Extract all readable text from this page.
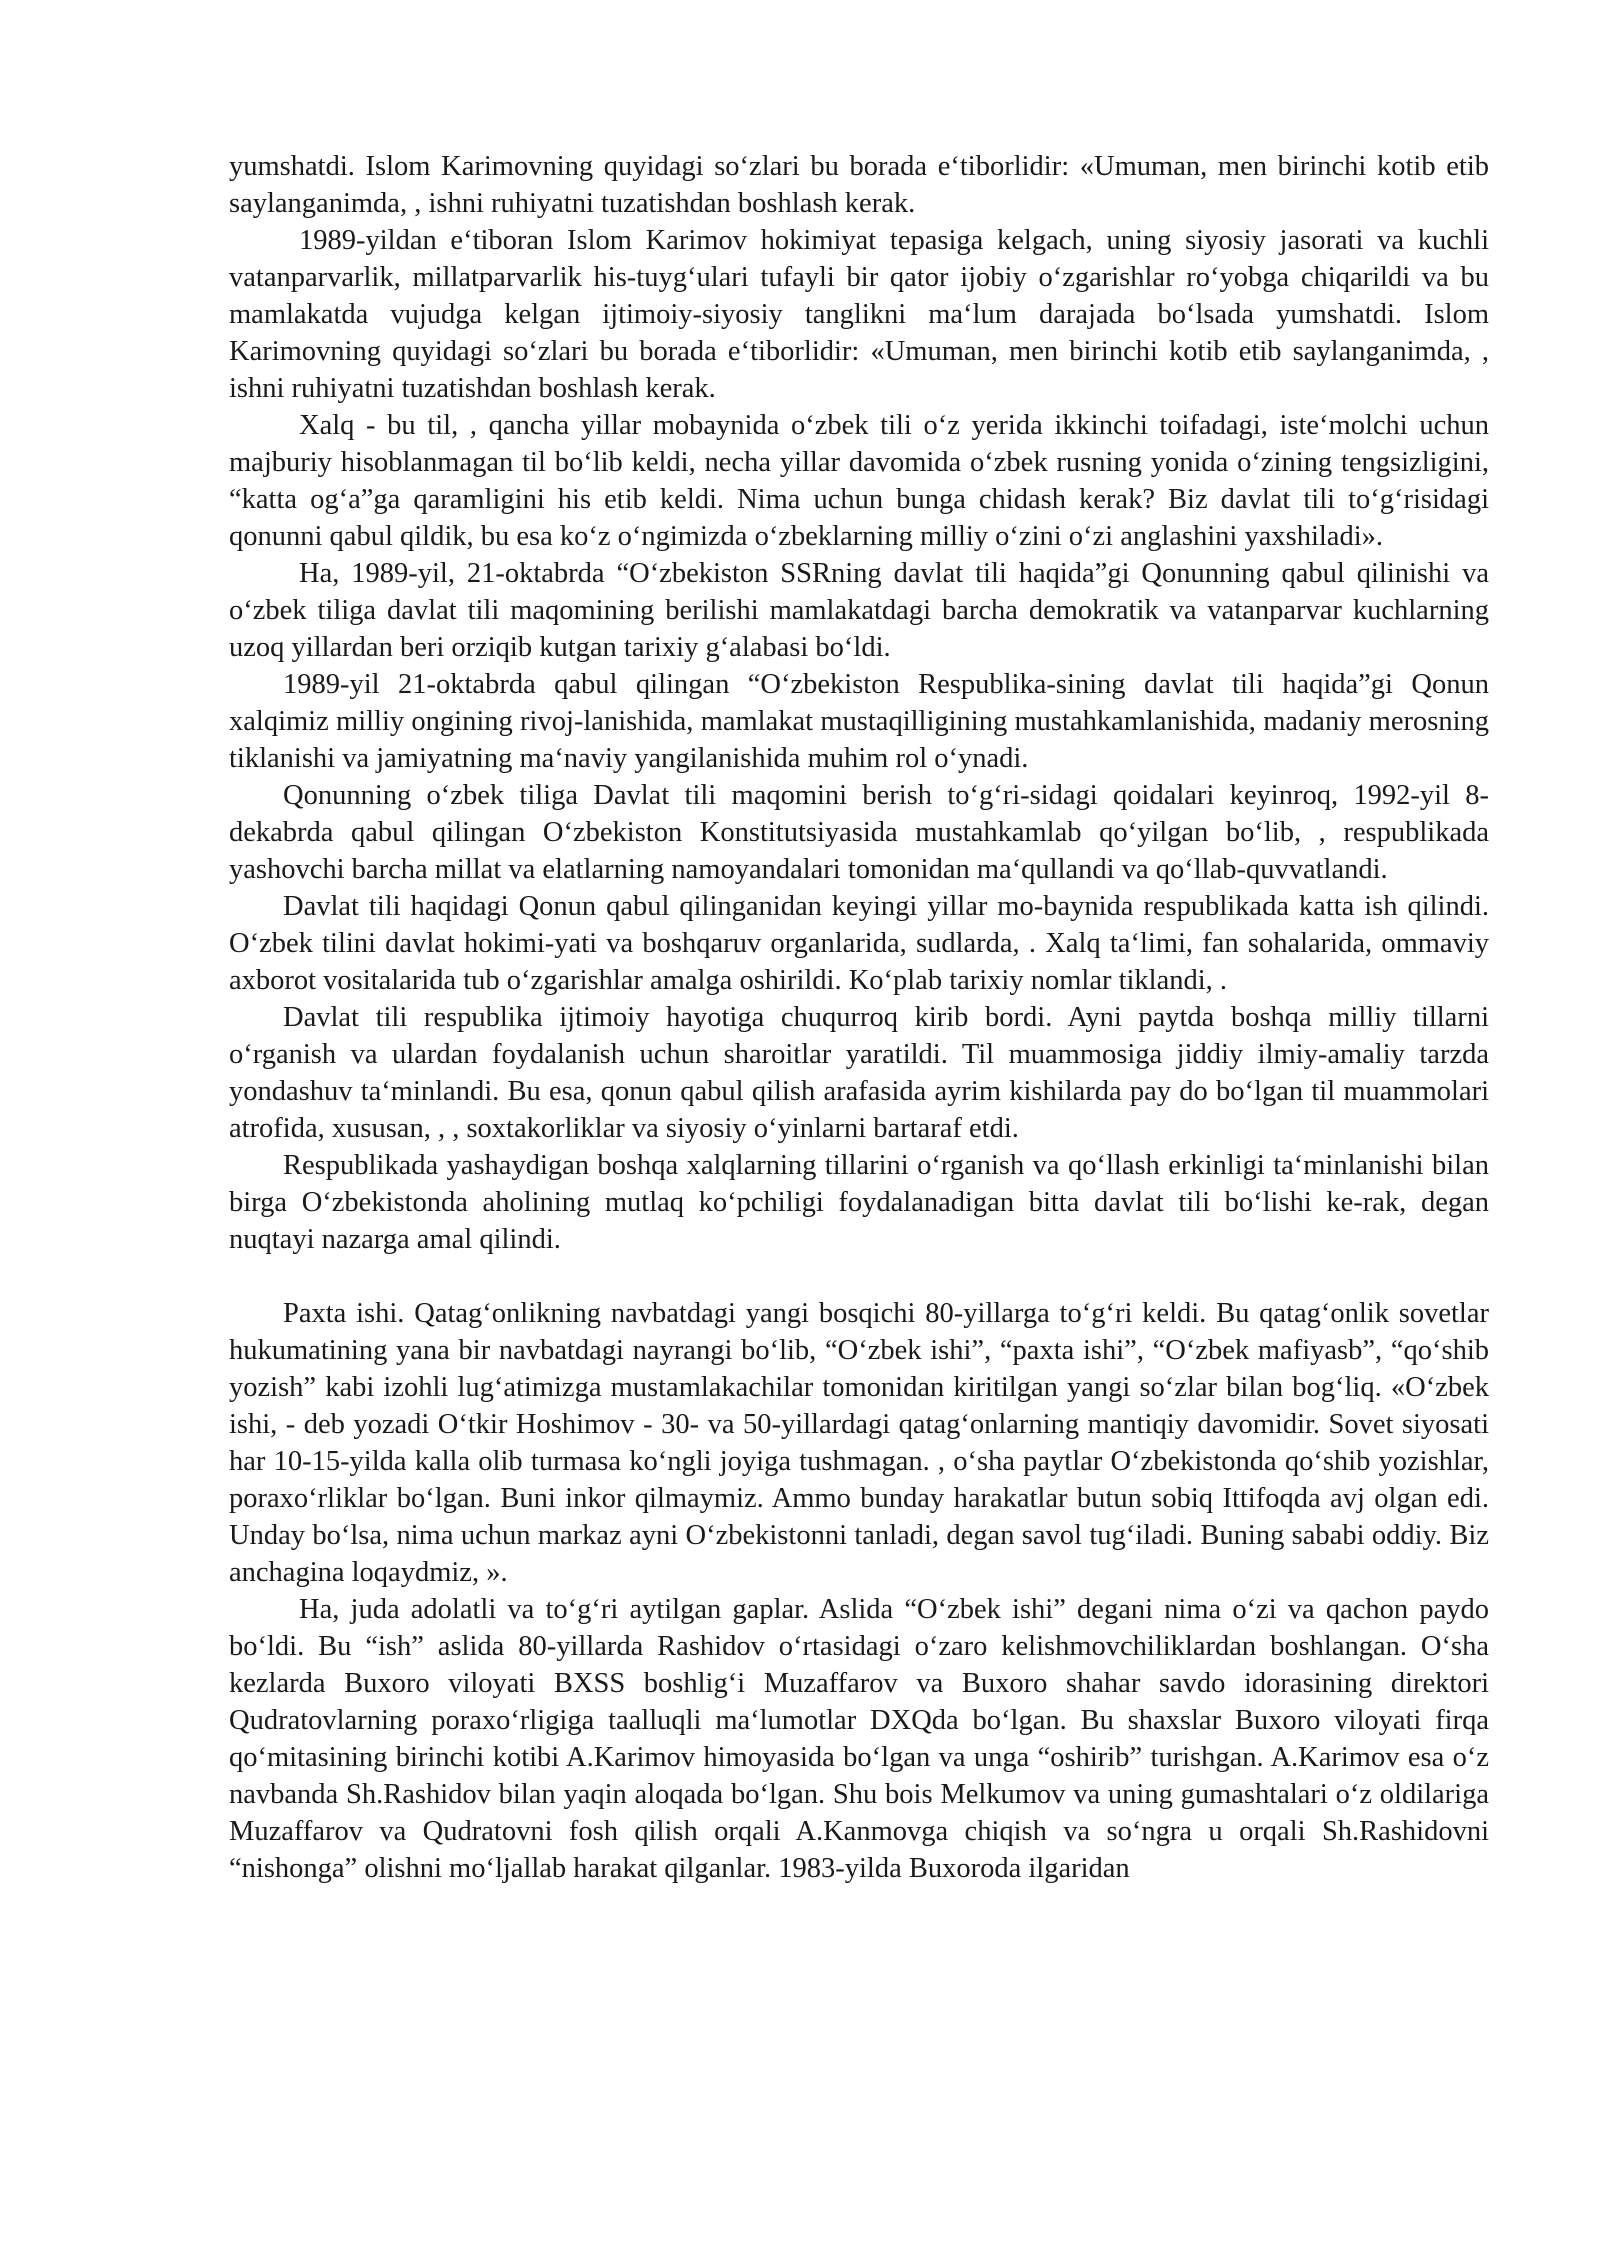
yumshatdi. Islom Karimovning quyidagi so‘zlari bu borada e‘tiborlidir: «Umuman, men birinchi kotib etib saylanganimda, , ishni ruhiyatni tuzatishdan boshlash kerak.

1989-yildan e‘tiboran Islom Karimov hokimiyat tepasiga kelgach, uning siyosiy jasorati va kuchli vatanparvarlik, millatparvarlik his-tuyg‘ulari tufayli bir qator ijobiy o‘zgarishlar ro‘yobga chiqarildi va bu mamlakatda vujudga kelgan ijtimoiy-siyosiy tanglikni ma‘lum darajada bo‘lsada yumshatdi. Islom Karimovning quyidagi so‘zlari bu borada e‘tiborlidir: «Umuman, men birinchi kotib etib saylanganimda, , ishni ruhiyatni tuzatishdan boshlash kerak.

Xalq - bu til, , qancha yillar mobaynida o‘zbek tili o‘z yerida ikkinchi toifadagi, iste‘molchi uchun majburiy hisoblanmagan til bo‘lib keldi, necha yillar davomida o‘zbek rusning yonida o‘zining tengsizligini, “katta og‘a”ga qaramligini his etib keldi. Nima uchun bunga chidash kerak? Biz davlat tili to‘g‘risidagi qonunni qabul qildik, bu esa ko‘z o‘ngimizda o‘zbeklarning milliy o‘zini o‘zi anglashini yaxshiladi».

Ha, 1989-yil, 21-oktabrda “O‘zbekiston SSRning davlat tili haqida”gi Qonunning qabul qilinishi va o‘zbek tiliga davlat tili maqomining berilishi mamlakatdagi barcha demokratik va vatanparvar kuchlarning uzoq yillardan beri orziqib kutgan tarixiy g‘alabasi bo‘ldi.

1989-yil 21-oktabrda qabul qilingan “O‘zbekiston Respublika-sining davlat tili haqida”gi Qonun xalqimiz milliy ongining rivoj-lanishida, mamlakat mustaqilligining mustahkamlanishida, madaniy merosning tiklanishi va jamiyatning ma‘naviy yangilanishida muhim rol o‘ynadi.

Qonunning o‘zbek tiliga Davlat tili maqomini berish to‘g‘ri-sidagi qoidalari keyinroq, 1992-yil 8-dekabrda qabul qilingan O‘zbekiston Konstitutsiyasida mustahkamlab qo‘yilgan bo‘lib, , respublikada yashovchi barcha millat va elatlarning namoyandalari tomonidan ma‘qullandi va qo‘llab-quvvatlandi.

Davlat tili haqidagi Qonun qabul qilinganidan keyingi yillar mo-baynida respublikada katta ish qilindi. O‘zbek tilini davlat hokimi-yati va boshqaruv organlarida, sudlarda, . Xalq ta‘limi, fan sohalarida, ommaviy axborot vositalarida tub o‘zgarishlar amalga oshirildi. Ko‘plab tarixiy nomlar tiklandi, .

Davlat tili respublika ijtimoiy hayotiga chuqurroq kirib bordi. Ayni paytda boshqa milliy tillarni o‘rganish va ulardan foydalanish uchun sharoitlar yaratildi. Til muammosiga jiddiy ilmiy-amaliy tarzda yondashuv ta‘minlandi. Bu esa, qonun qabul qilish arafasida ayrim kishilarda pay do bo‘lgan til muammolari atrofida, xususan, , , soxtakorliklar va siyosiy o‘yinlarni bartaraf etdi.

Respublikada yashaydigan boshqa xalqlarning tillarini o‘rganish va qo‘llash erkinligi ta‘minlanishi bilan birga O‘zbekistonda aholining mutlaq ko‘pchiligi foydalanadigan bitta davlat tili bo‘lishi ke-rak, degan nuqtayi nazarga amal qilindi.

Paxta ishi. Qatag‘onlikning navbatdagi yangi bosqichi 80-yillarga to‘g‘ri keldi. Bu qatag‘onlik sovetlar hukumatining yana bir navbatdagi nayrangi bo‘lib, “O‘zbek ishi”, “paxta ishi”, “O‘zbek mafiyasb”, “qo‘shib yozish” kabi izohli lug‘atimizga mustamlakachilar tomonidan kiritilgan yangi so‘zlar bilan bog‘liq. «O‘zbek ishi, - deb yozadi O‘tkir Hoshimov - 30- va 50-yillardagi qatag‘onlarning mantiqiy davomidir. Sovet siyosati har 10-15-yilda kalla olib turmasa ko‘ngli joyiga tushmagan. , o‘sha paytlar O‘zbekistonda qo‘shib yozishlar, poraxo‘rliklar bo‘lgan. Buni inkor qilmaymiz. Ammo bunday harakatlar butun sobiq Ittifoqda avj olgan edi. Unday bo‘lsa, nima uchun markaz ayni O‘zbekistonni tanladi, degan savol tug‘iladi. Buning sababi oddiy. Biz anchagina loqaydmiz, ».

Ha, juda adolatli va to‘g‘ri aytilgan gaplar. Aslida “O‘zbek ishi” degani nima o‘zi va qachon paydo bo‘ldi. Bu “ish” aslida 80-yillarda Rashidov o‘rtasidagi o‘zaro kelishmovchiliklardan boshlangan. O‘sha kezlarda Buxoro viloyati BXSS boshlig‘i Muzaffarov va Buxoro shahar savdo idorasining direktori Qudratovlarning poraxo‘rligiga taalluqli ma‘lumotlar DXQda bo‘lgan. Bu shaxslar Buxoro viloyati firqa qo‘mitasining birinchi kotibi A.Karimov himoyasida bo‘lgan va unga “oshirib” turishgan. A.Karimov esa o‘z navbanda Sh.Rashidov bilan yaqin aloqada bo‘lgan. Shu bois Melkumov va uning gumashtalari o‘z oldilariga Muzaffarov va Qudratovni fosh qilish orqali A.Kanmovga chiqish va so‘ngra u orqali Sh.Rashidovni “nishonga” olishni mo‘ljallab harakat qilganlar. 1983-yilda Buxoroda ilgaridan
